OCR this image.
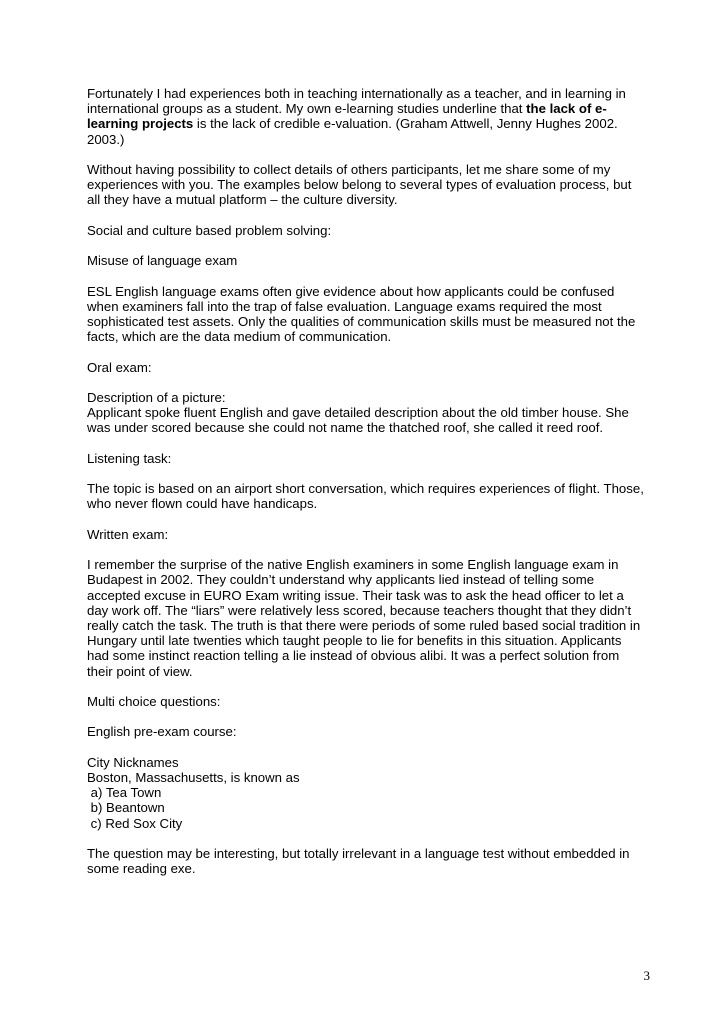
Fortunately I had experiences both in teaching internationally as a teacher, and in learning in international groups as a student. My own e-learning studies underline that the lack of e-learning projects is the lack of credible e-valuation. (Graham Attwell, Jenny Hughes 2002. 2003.)

Without having possibility to collect details of others participants, let me share some of my experiences with you. The examples below belong to several types of evaluation process, but all they have a mutual platform – the culture diversity.

Social and culture based problem solving:

Misuse of language exam

ESL English language exams often give evidence about how applicants could be confused when examiners fall into the trap of false evaluation. Language exams required the most sophisticated test assets. Only the qualities of communication skills must be measured not the facts, which are the data medium of communication.

Oral exam:

Description of a picture:

Applicant spoke fluent English and gave detailed description about the old timber house. She was under scored because she could not name the thatched roof, she called it reed roof.

Listening task:

The topic is based on an airport short conversation, which requires experiences of flight. Those, who never flown could have handicaps.

Written exam:

I remember the surprise of the native English examiners in some English language exam in Budapest in 2002. They couldn’t understand why applicants lied instead of telling some accepted excuse in EURO Exam writing issue. Their task was to ask the head officer to let a day work off. The “liars” were relatively less scored, because teachers thought that they didn’t really catch the task. The truth is that there were periods of some ruled based social tradition in Hungary until late twenties which taught people to lie for benefits in this situation. Applicants had some instinct reaction telling a lie instead of obvious alibi. It was a perfect solution from their point of view.

Multi choice questions:

English pre-exam course:

City Nicknames

Boston, Massachusetts, is known as

a) Tea Town

b) Beantown

c) Red Sox City

The question may be interesting, but totally irrelevant in a language test without embedded in some reading exe.

3
